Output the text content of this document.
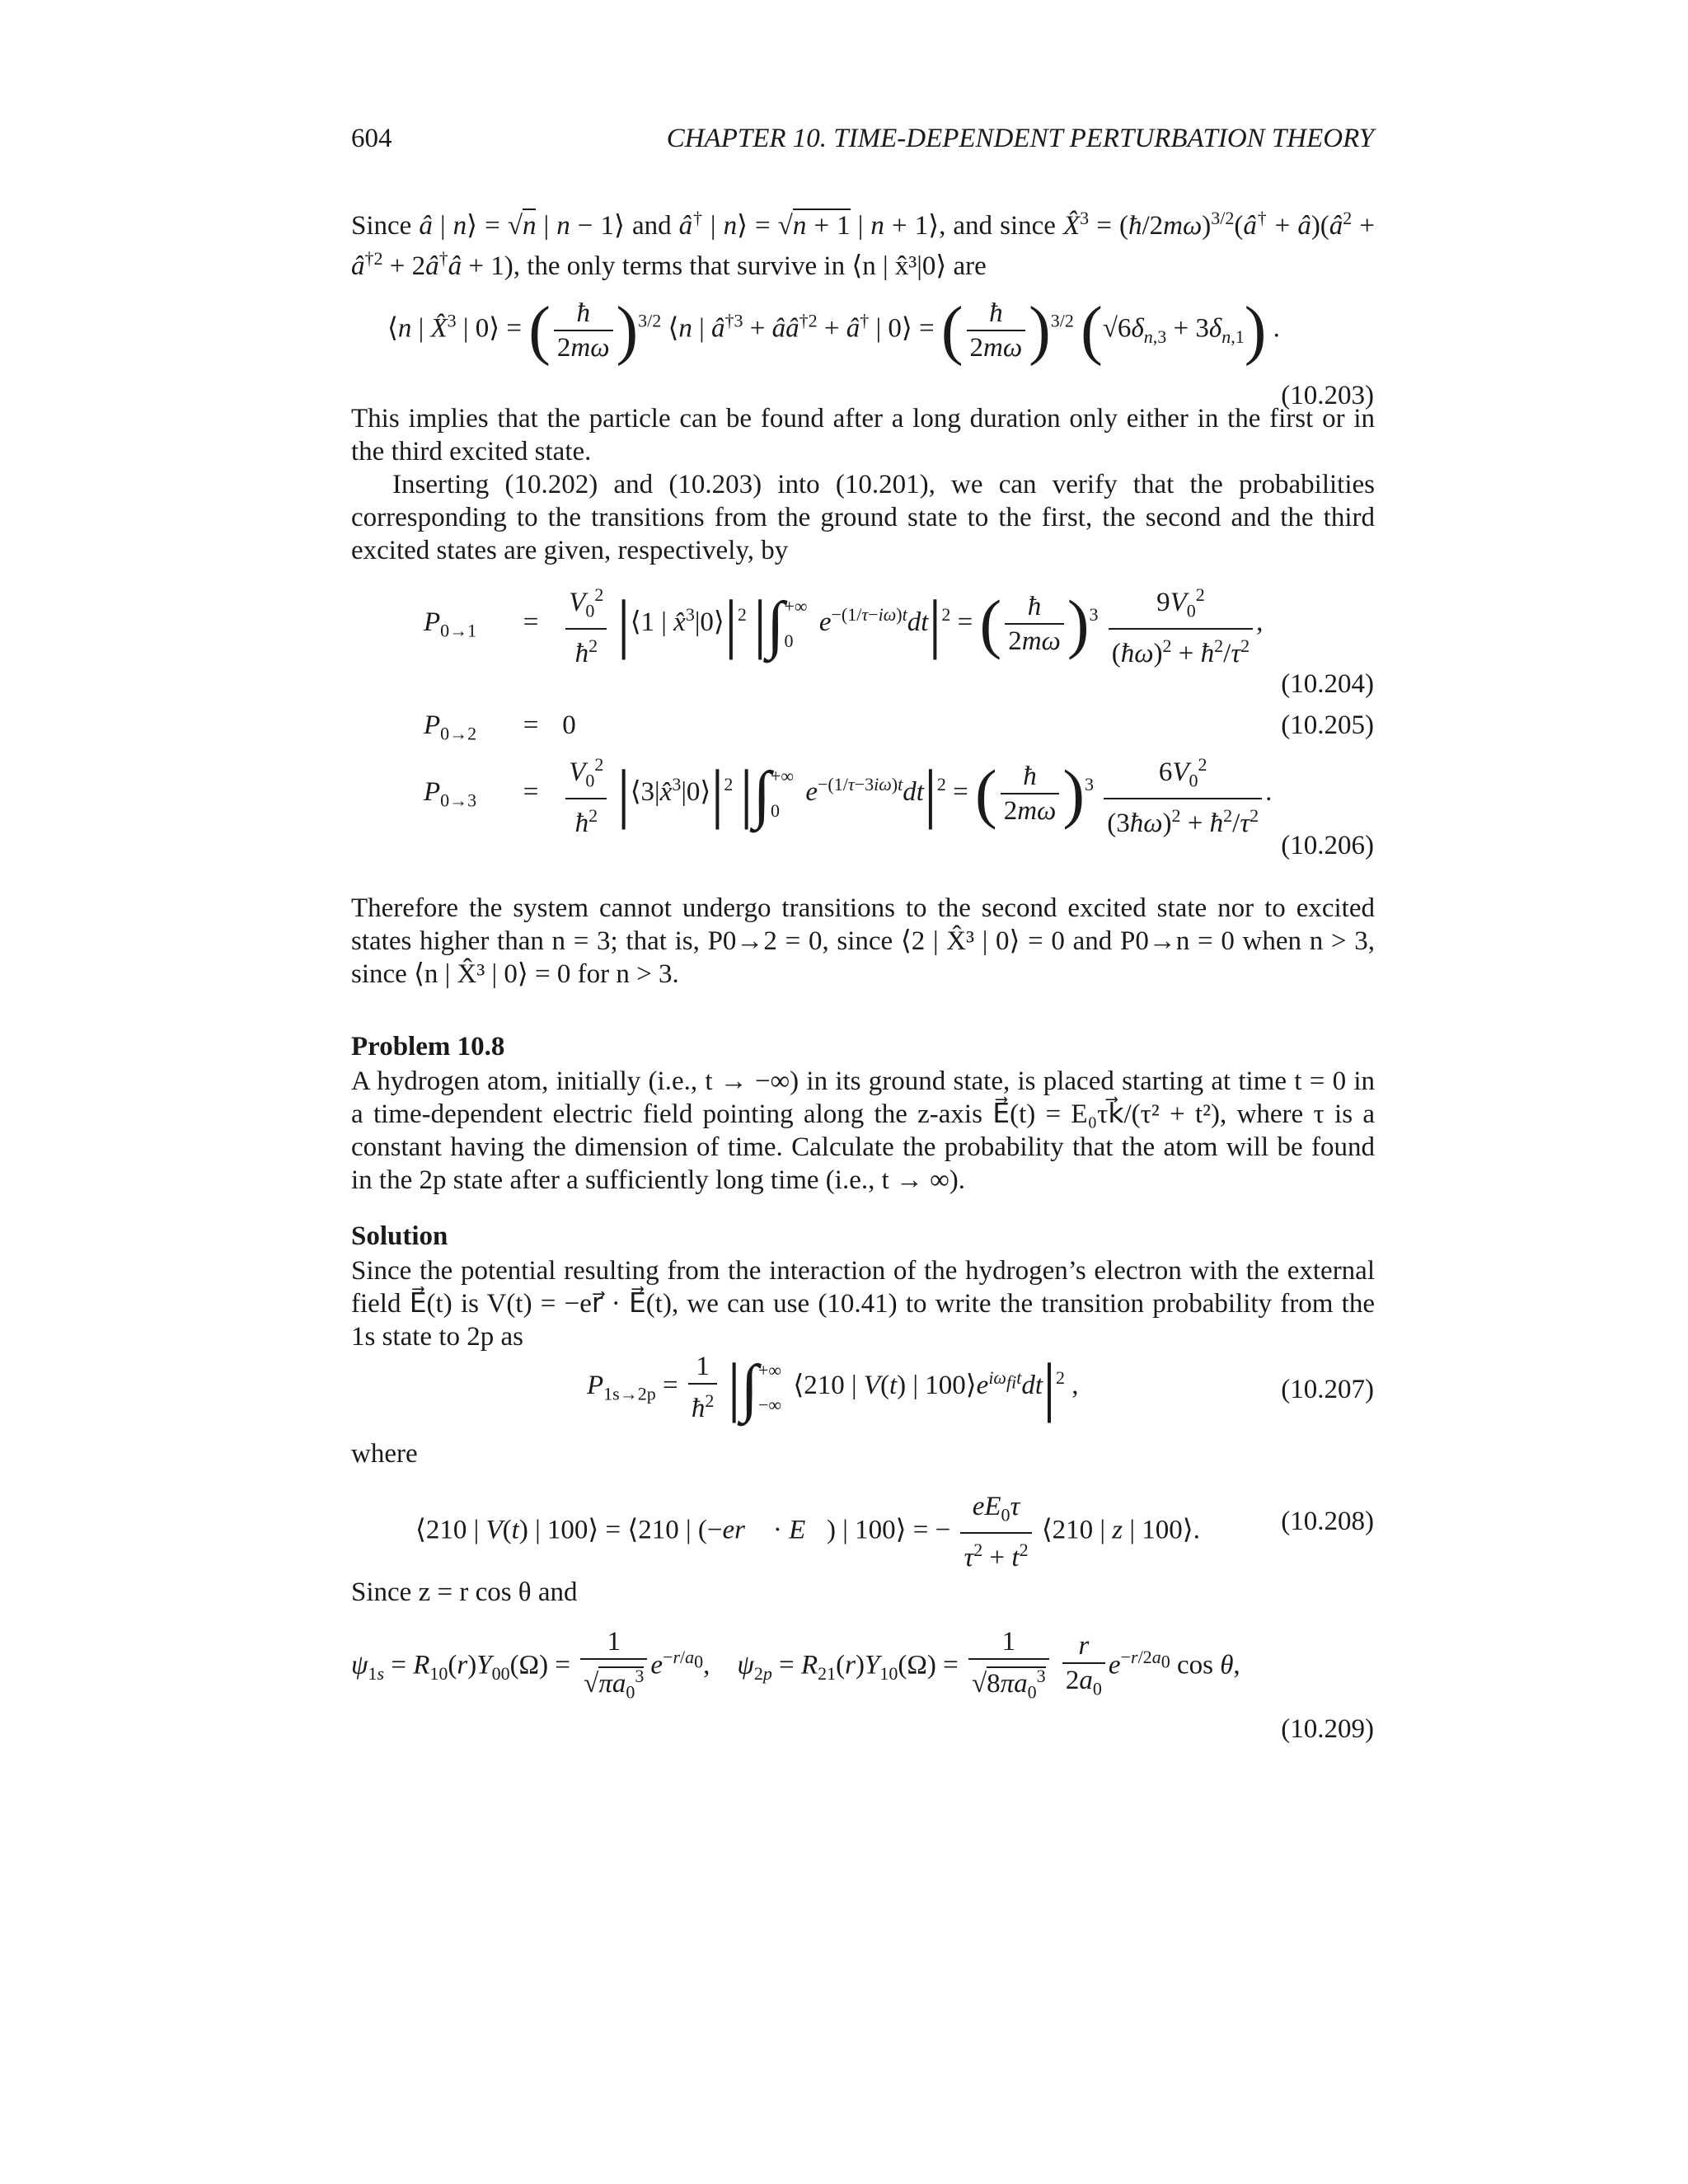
604	CHAPTER 10. TIME-DEPENDENT PERTURBATION THEORY
Since â | n⟩ = √n | n − 1⟩ and â† | n⟩ = √n + 1 | n + 1⟩, and since X̂$^3$ = (ħ/2mω)$^{3/2}$(â† + $â)(â^2$ + $â^{\dagger 2}$ + 2â†â + 1), the only terms that survive in ⟨n | x̂³|0⟩ are
⟨n | X̂$^3$ | 0⟩ = ( $\frac{ħ}{2m\omega} )^{3/2}$ ⟨n | $â^{\dagger 3}$ + $ââ^{\dagger 2}$ + â† | 0⟩ = ( $\frac{ħ}{2m\omega} )^{3/2}$ $(√6\delta_{n,3} + 3\delta_{n,1})$ .
(10.203)
This implies that the particle can be found after a long duration only either in the first or in the third excited state.
Inserting (10.202) and (10.203) into (10.201), we can verify that the probabilities corresponding to the transitions from the ground state to the first, the second and the third excited states are given, respectively, by
$P_{0\to 1} = \frac{V_0^2}{ħ^2}$ |⟨1 | $x̂^3|0⟩|^2$ |∫ +∞
0
$e^{-(1/\tau-i\omega)t}dt|^2$ = ( $\frac{ħ}{2m\omega} )^3 \frac{9V_0^2}{(ħ\omega)^2 + ħ^2/\tau^2}$ ,
(10.204)
$P_{0\to 2} = 0$	(10.205)
$P_{0\to 3} = \frac{V_0^2}{ħ^2}$ $|⟨3|x̂^3|0⟩|^2$ |∫ +∞
0
$e^{-(1/\tau-3i\omega)t}dt|^2$ = ( $\frac{ħ}{2m\omega} )^3 \frac{6V_0^2}{(3ħ\omega)^2 + ħ^2/\tau^2}$ .
(10.206)
Therefore the system cannot undergo transitions to the second excited state nor to excited states higher than n = 3; that is, P0→2 = 0, since ⟨2 | X̂³ | 0⟩ = 0 and P0→n = 0 when n > 3, since ⟨n | X̂³ | 0⟩ = 0 for n > 3.
Problem 10.8
A hydrogen atom, initially (i.e., t → −∞) in its ground state, is placed starting at time t = 0 in a time-dependent electric field pointing along the z-axis E⃗(t) = E₀τk⃗/(τ² + t²), where τ is a constant having the dimension of time. Calculate the probability that the atom will be found in the 2p state after a sufficiently long time (i.e., t → ∞).
Solution
Since the potential resulting from the interaction of the hydrogen’s electron with the external field E⃗(t) is V(t) = −er⃗ · E⃗(t), we can use (10.41) to write the transition probability from the 1s state to 2p as
$P_{1s\to 2p} = \frac{1}{ħ^2}$ |∫ +∞
−∞
⟨210 | V(t) | $100⟩e^{i\omega_{fi}t}dt|^2$ ,	(10.207)
where
⟨210 | V(t) | 100⟩ = ⟨210 | (−er⃗ · E⃗) | 100⟩ = − $\frac{eE_0\tau}{\tau^2 + t^2}$ ⟨210 | z | 100⟩.	(10.208)
Since z = r cos θ and
$\psi_{1s} = R_{10}(r)Y_{00}(\Omega) = \frac{1}{√\pi a_0^3} e^{-r/a_0}$,    $\psi_{2p} = R_{21}(r)Y_{10}(\Omega) = \frac{1}{√8\pi a_0^3}$
$\frac{r}{2a_0} e^{-r/2a_0}$ cos θ,
(10.209)
